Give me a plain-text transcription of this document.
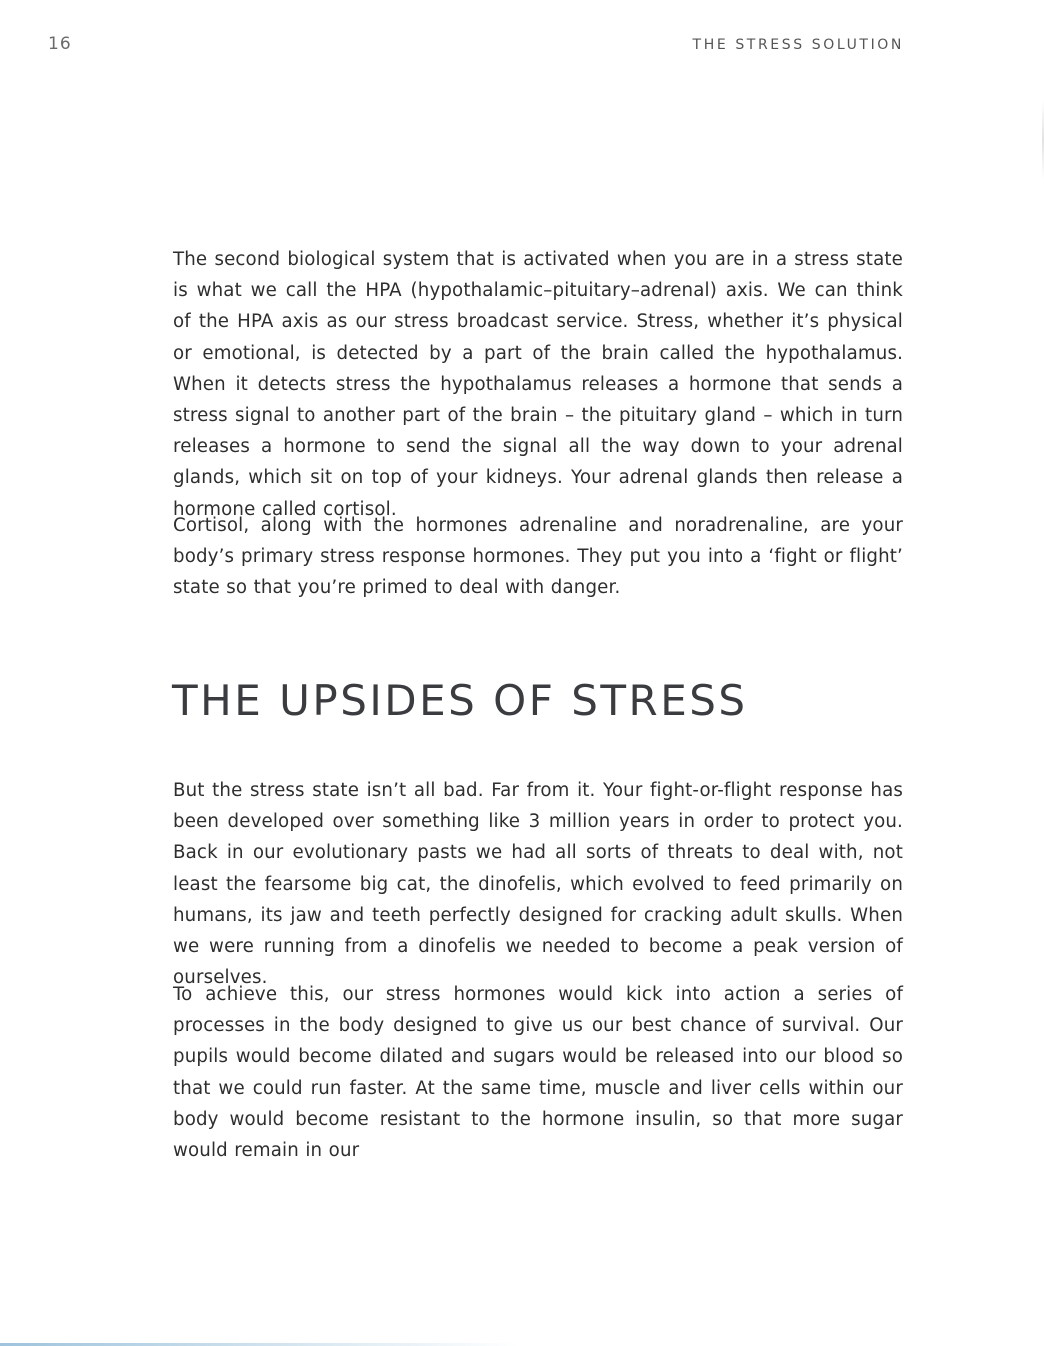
16	THE STRESS SOLUTION

The second biological system that is activated when you are in a stress state is what we call the HPA (hypothalamic–pituitary–adrenal) axis. We can think of the HPA axis as our stress broadcast service. Stress, whether it’s physical or emotional, is detected by a part of the brain called the hypothalamus. When it detects stress the hypothalamus releases a hormone that sends a stress signal to another part of the brain – the pituitary gland – which in turn releases a hormone to send the signal all the way down to your adrenal glands, which sit on top of your kidneys. Your adrenal glands then release a hormone called cortisol.

Cortisol, along with the hormones adrenaline and noradrenaline, are your body’s primary stress response hormones. They put you into a ‘fight or flight’ state so that you’re primed to deal with danger.

THE UPSIDES OF STRESS

But the stress state isn’t all bad. Far from it. Your fight-or-flight response has been developed over something like 3 million years in order to protect you. Back in our evolutionary pasts we had all sorts of threats to deal with, not least the fearsome big cat, the dinofelis, which evolved to feed primarily on humans, its jaw and teeth perfectly designed for cracking adult skulls. When we were running from a dinofelis we needed to become a peak version of ourselves.

To achieve this, our stress hormones would kick into action a series of processes in the body designed to give us our best chance of survival. Our pupils would become dilated and sugars would be released into our blood so that we could run faster. At the same time, muscle and liver cells within our body would become resistant to the hormone insulin, so that more sugar would remain in our
